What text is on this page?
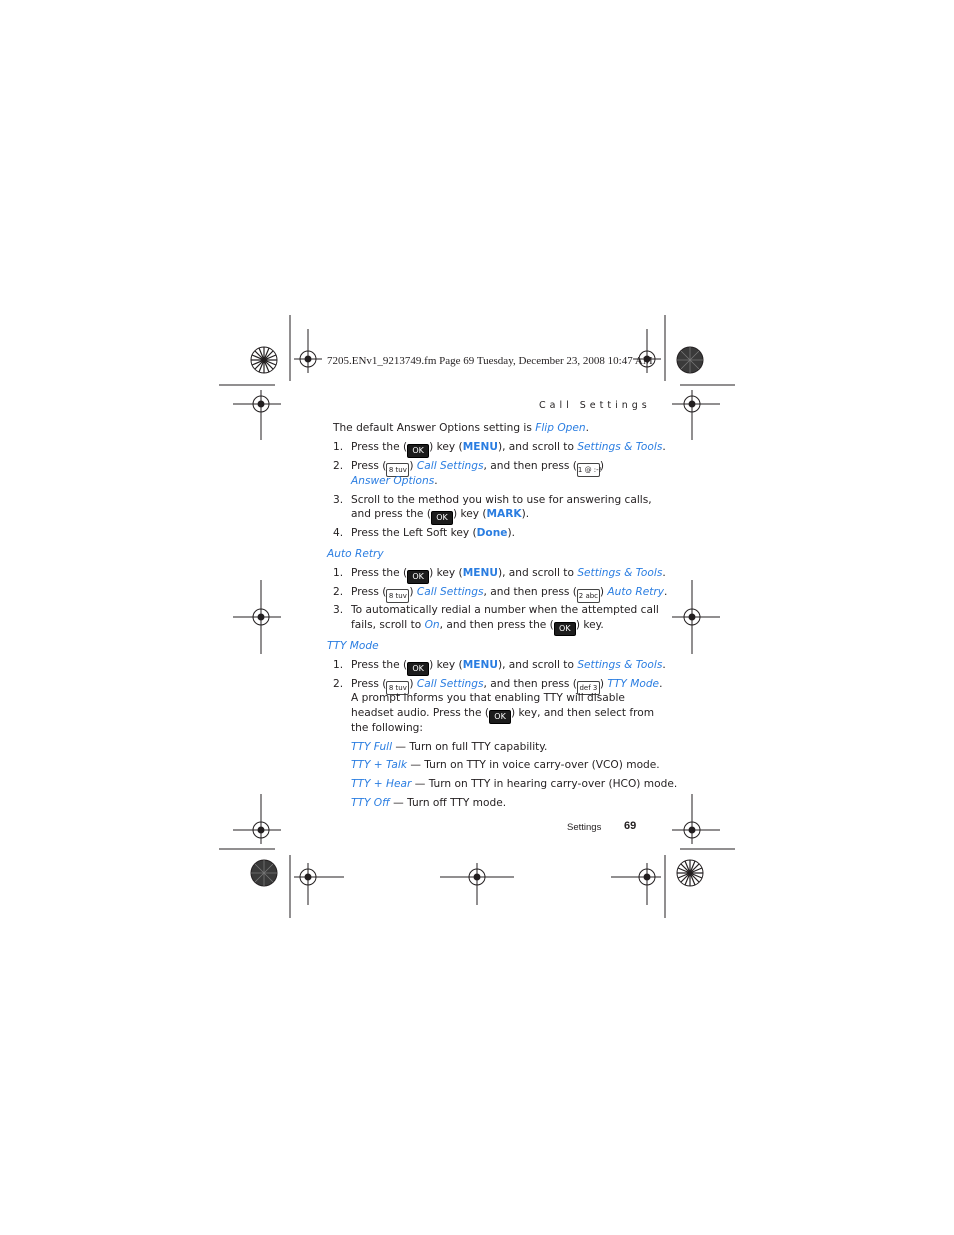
7205.ENv1_9213749.fm Page 69 Tuesday, December 23, 2008 10:47 AM
Call Settings
The default Answer Options setting is Flip Open.
1. Press the ( OK ) key (MENU), and scroll to Settings & Tools.
2. Press ( 8 tuv ) Call Settings, and then press (1 @ :-!)
Answer Options.
3. Scroll to the method you wish to use for answering calls,
and press the ( OK ) key (MARK).
4. Press the Left Soft key (Done).
Auto Retry
1. Press the ( OK ) key (MENU), and scroll to Settings & Tools.
2. Press ( 8 tuv ) Call Settings, and then press ( 2 abc ) Auto Retry.
3. To automatically redial a number when the attempted call
fails, scroll to On, and then press the ( OK ) key.
TTY Mode
1. Press the ( OK ) key (MENU), and scroll to Settings & Tools.
2. Press ( 8 tuv ) Call Settings, and then press ( def 3 ) TTY Mode.
A prompt informs you that enabling TTY will disable
headset audio. Press the ( OK ) key, and then select from
the following:
TTY Full — Turn on full TTY capability.
TTY + Talk — Turn on TTY in voice carry-over (VCO) mode.
TTY + Hear — Turn on TTY in hearing carry-over (HCO) mode.
TTY Off — Turn off TTY mode.
Settings 69
